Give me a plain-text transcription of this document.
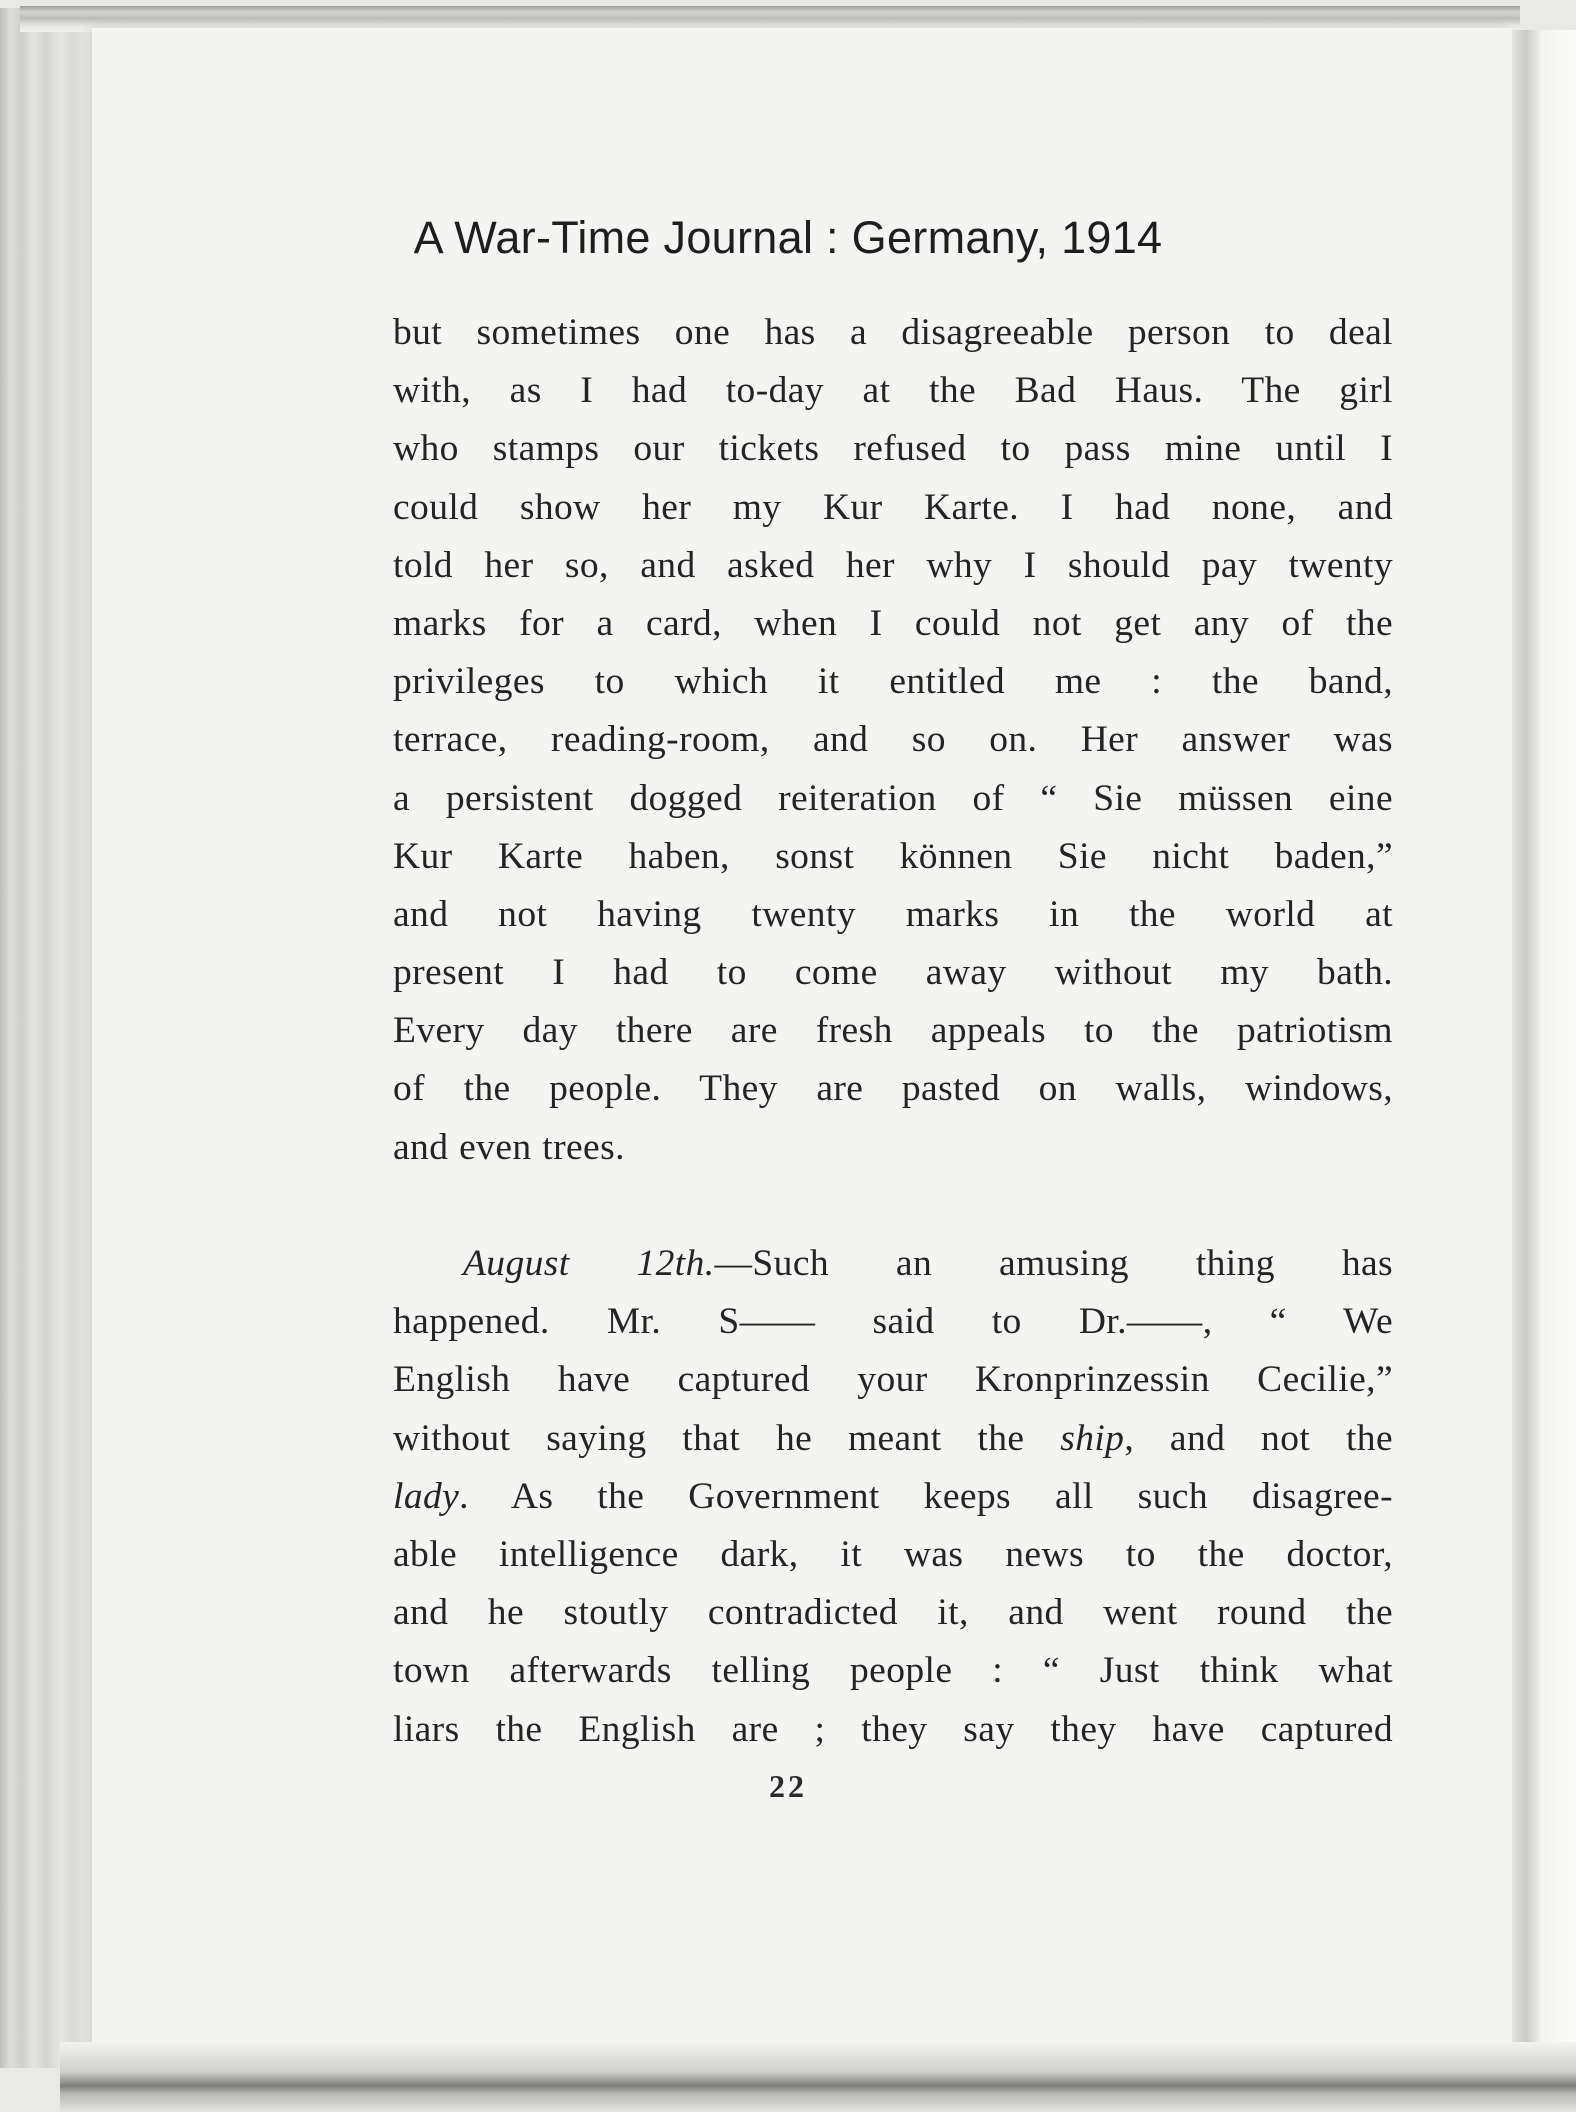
A War-Time Journal : Germany, 1914
but sometimes one has a disagreeable person to deal
with, as I had to-day at the Bad Haus. The girl
who stamps our tickets refused to pass mine until I
could show her my Kur Karte. I had none, and
told her so, and asked her why I should pay twenty
marks for a card, when I could not get any of the
privileges to which it entitled me : the band,
terrace, reading-room, and so on. Her answer was
a persistent dogged reiteration of “ Sie müssen eine
Kur Karte haben, sonst können Sie nicht baden,”
and not having twenty marks in the world at
present I had to come away without my bath.
Every day there are fresh appeals to the patriotism
of the people. They are pasted on walls, windows,
and even trees.
August 12th.—Such an amusing thing has
happened. Mr. S—— said to Dr.——, “ We
English have captured your Kronprinzessin Cecilie,”
without saying that he meant the ship, and not the
lady. As the Government keeps all such disagree-
able intelligence dark, it was news to the doctor,
and he stoutly contradicted it, and went round the
town afterwards telling people : “ Just think what
liars the English are ; they say they have captured
22
